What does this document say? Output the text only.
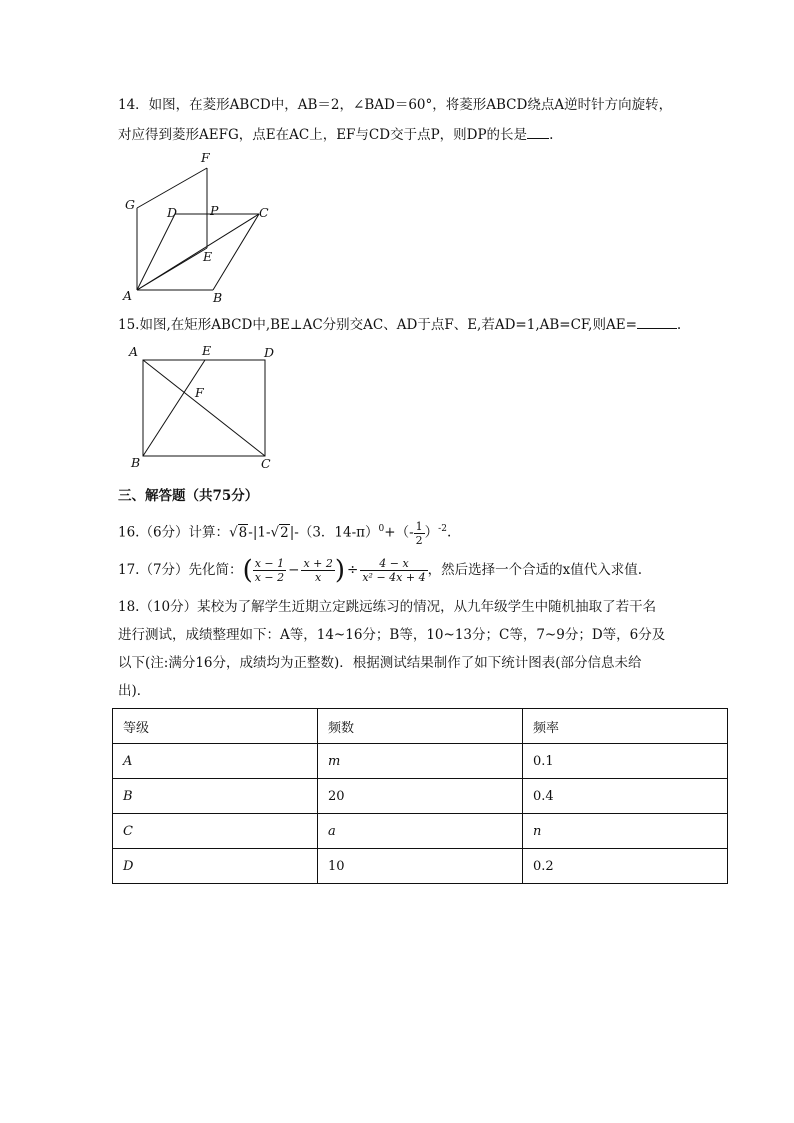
14．如图，在菱形ABCD中，AB＝2，∠BAD＝60°，将菱形ABCD绕点A逆时针方向旋转，
对应得到菱形AEFG，点E在AC上，EF与CD交于点P，则DP的长是 .
F
G
D	P	C
E
A	B
15.如图,在矩形ABCD中,BE⊥AC分别交AC、AD于点F、E,若AD=1,AB=CF,则AE=	.
A	E	D
F
B	C
三、解答题（共75分）
16.（6分）计算：√8-|1-√2|-（3．$14-\pi)^0+(- \frac{1}{2} )^{-2}$.
17.（7分）先化简：( $\frac{x - 1}{x - 2} - \frac{x + 2}{x}$ ) ÷ $\frac{4 - x}{\text{x² − 4x + 4}}$ ，然后选择一个合适的x值代入求值.
18.（10分）某校为了解学生近期立定跳远练习的情况，从九年级学生中随机抽取了若干名
进行测试，成绩整理如下：A等，14~16分；B等，10~13分；C等，7~9分；D等，6分及
以下(注:满分16分，成绩均为正整数)．根据测试结果制作了如下统计图表(部分信息未给
出)．
等级	频数	频率
A	m	0.1
B	20	0.4
C	a	n
D	10	0.2
